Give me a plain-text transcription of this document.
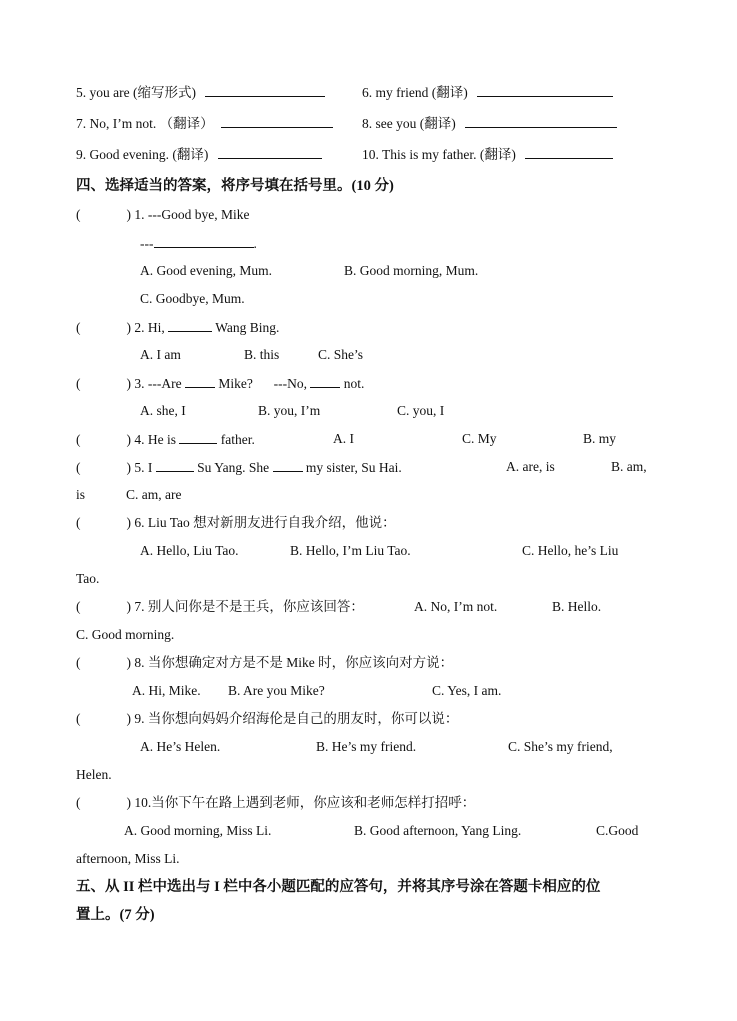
5. you are (缩写形式)	6. my friend (翻译)
7. No, I’m not. （翻译）	8. see you (翻译)
9. Good evening. (翻译)	10. This is my father. (翻译)
四、选择适当的答案，将序号填在括号里。(10 分)
(	) 1. ---Good bye, Mike
---	.
A. Good evening, Mum.	B. Good morning, Mum.
C. Goodbye, Mum.
(	) 2. Hi,	Wang Bing.
A. I am	B. this	C. She’s
(	) 3. ---Are	Mike? ---No,	not.
A. she, I	B. you, I’m	C. you, I
(	) 4. He is	father.	A. I	C. My	B. my
(	) 5. I	Su Yang. She	my sister, Su Hai.	A. are, is	B. am,
is	C. am, are
(	) 6. Liu Tao 想对新朋友进行自我介绍，他说：
A. Hello, Liu Tao.	B. Hello, I’m Liu Tao.	C. Hello, he’s Liu
Tao.
(	) 7. 别人问你是不是王兵，你应该回答：	A. No, I’m not.	B. Hello.
C. Good morning.
(	) 8. 当你想确定对方是不是 Mike 时，你应该向对方说：
A. Hi, Mike. B. Are you Mike?	C. Yes, I am.
(	) 9. 当你想向妈妈介绍海伦是自己的朋友时，你可以说：
A. He’s Helen.	B. He’s my friend.	C. She’s my friend,
Helen.
(	) 10.当你下午在路上遇到老师，你应该和老师怎样打招呼：
A. Good morning, Miss Li.	B. Good afternoon, Yang Ling.	C.Good
afternoon, Miss Li.
五、从 II 栏中选出与 I 栏中各小题匹配的应答句，并将其序号涂在答题卡相应的位
置上。(7 分)
